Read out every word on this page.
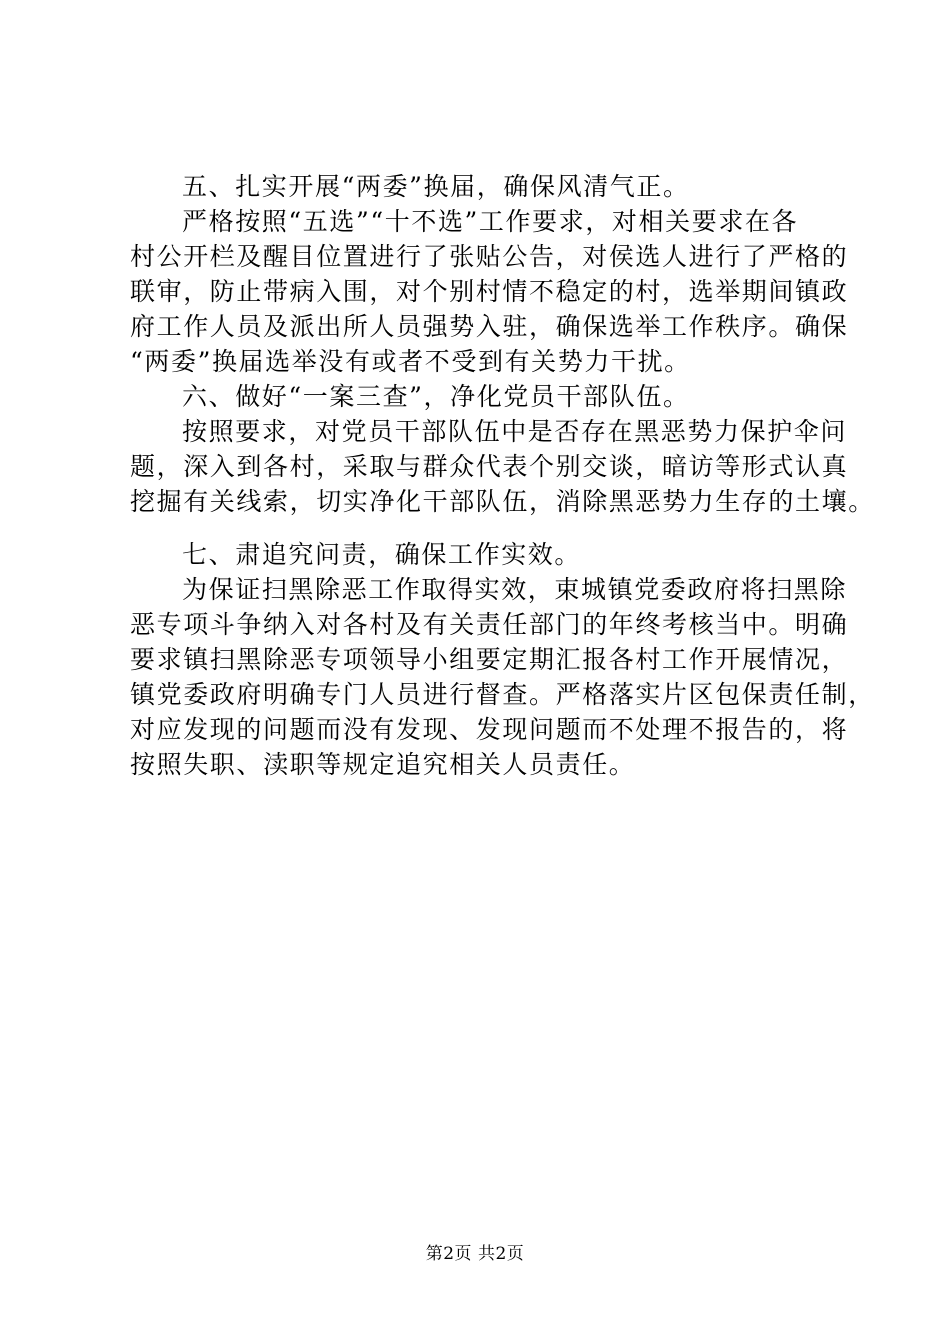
五、扎实开展“两委”换届，确保风清气正。
严格按照“五选”“十不选”工作要求，对相关要求在各
村公开栏及醒目位置进行了张贴公告，对侯选人进行了严格的
联审，防止带病入围，对个别村情不稳定的村，选举期间镇政
府工作人员及派出所人员强势入驻，确保选举工作秩序。确保
“两委”换届选举没有或者不受到有关势力干扰。
六、做好“一案三查”，净化党员干部队伍。
按照要求，对党员干部队伍中是否存在黑恶势力保护伞问
题，深入到各村，采取与群众代表个别交谈，暗访等形式认真
挖掘有关线索，切实净化干部队伍，消除黑恶势力生存的土壤。
七、肃追究问责，确保工作实效。
为保证扫黑除恶工作取得实效，束城镇党委政府将扫黑除
恶专项斗争纳入对各村及有关责任部门的年终考核当中。明确
要求镇扫黑除恶专项领导小组要定期汇报各村工作开展情况，
镇党委政府明确专门人员进行督查。严格落实片区包保责任制，
对应发现的问题而没有发现、发现问题而不处理不报告的，将
按照失职、渎职等规定追究相关人员责任。
第2页 共2页
